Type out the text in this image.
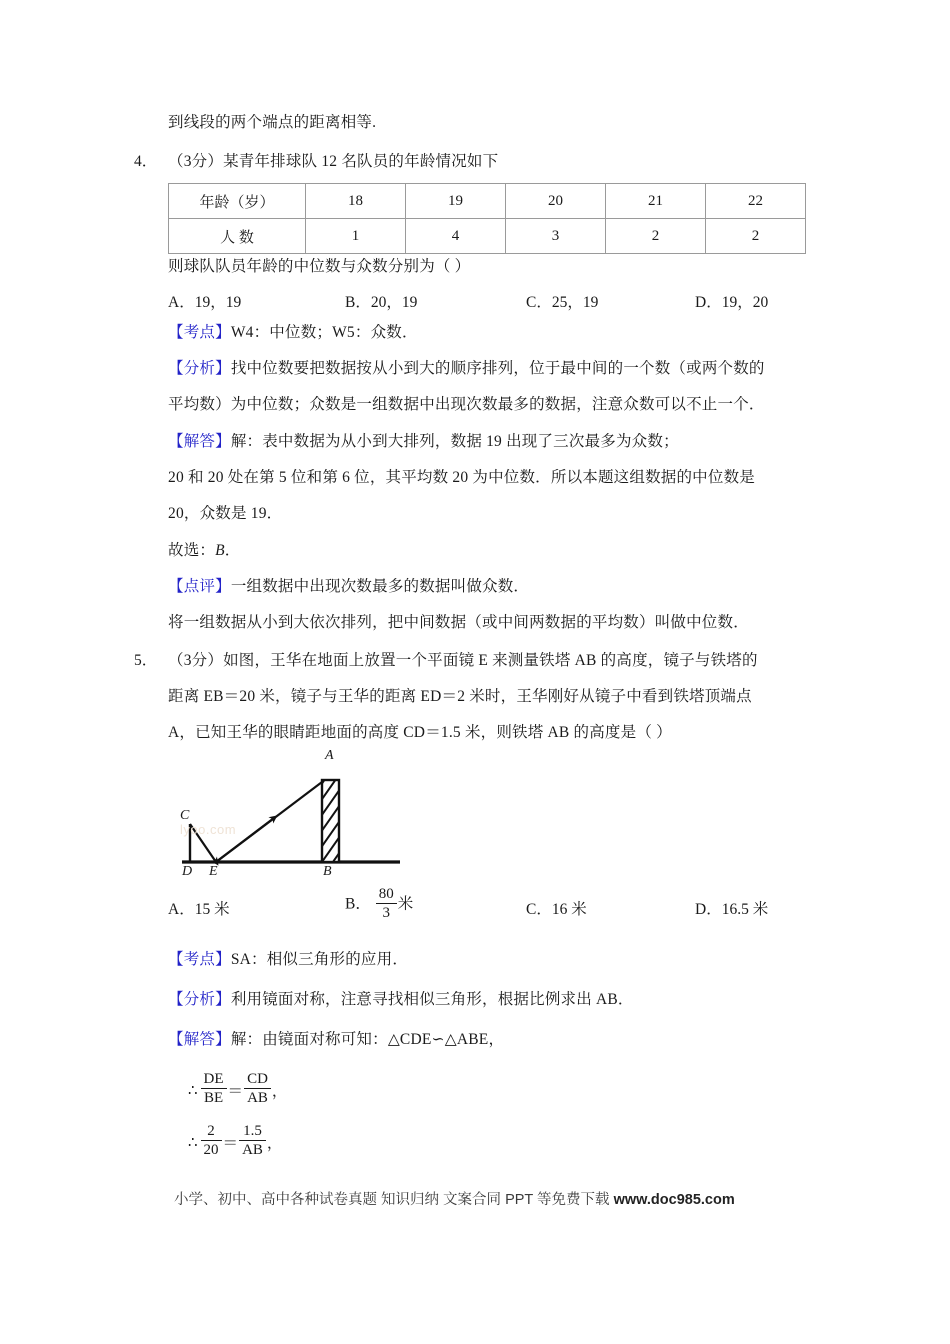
到线段的两个端点的距离相等.
4． （3分）某青年排球队 12 名队员的年龄情况如下
年龄（岁）	18	19	20	21	22
人 数	1	4	3	2	2
则球队队员年龄的中位数与众数分别为（ ）
A．19，19	B．20，19	C．25，19	D．19，20
【考点】W4：中位数；W5：众数．
【分析】找中位数要把数据按从小到大的顺序排列，位于最中间的一个数（或两个数的
平均数）为中位数；众数是一组数据中出现次数最多的数据，注意众数可以不止一个．
【解答】解：表中数据为从小到大排列，数据 19 出现了三次最多为众数；
20 和 20 处在第 5 位和第 6 位，其平均数 20 为中位数．所以本题这组数据的中位数是
20，众数是 19．
故选：B．
【点评】一组数据中出现次数最多的数据叫做众数．
将一组数据从小到大依次排列，把中间数据（或中间两数据的平均数）叫做中位数．
5． （3分）如图，王华在地面上放置一个平面镜 E 来测量铁塔 AB 的高度，镜子与铁塔的
距离 EB＝20 米，镜子与王华的距离 ED＝2 米时，王华刚好从镜子中看到铁塔顶端点
A，已知王华的眼睛距地面的高度 CD＝1.5 米，则铁塔 AB 的高度是（ ）
lyoo.com
A
C
D E	B
A．15 米	B． $\frac{80}{3}$ 米	C．16 米	D．16.5 米
【考点】SA：相似三角形的应用．
【分析】利用镜面对称，注意寻找相似三角形，根据比例求出 AB．
【解答】解：由镜面对称可知：△CDE∽△ABE，
∴ $\frac{DE}{BE} = \frac{CD}{AB}$ ，
∴ $\frac{2}{20} = \frac{1.5}{AB}$ ，
小学、初中、高中各种试卷真题 知识归纳 文案合同 PPT 等免费下载 www.doc985.com
